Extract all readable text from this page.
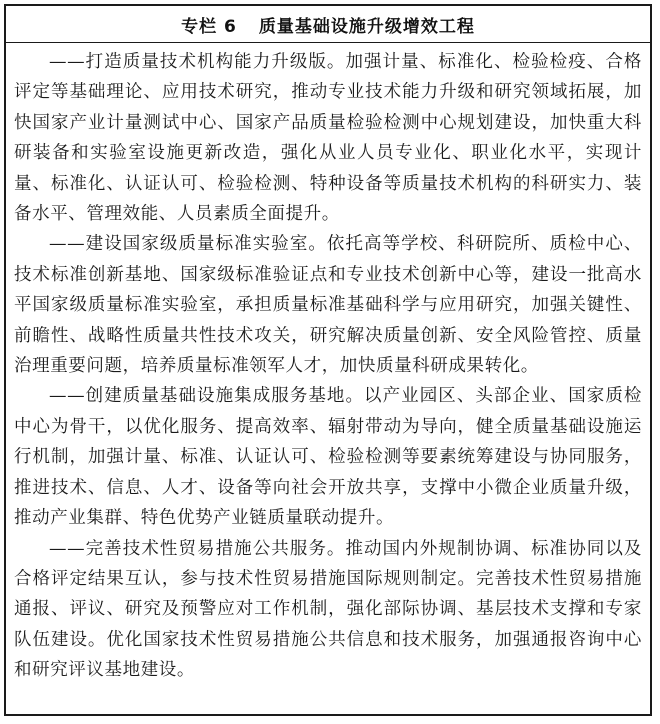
专栏 6 质量基础设施升级增效工程

——打造质量技术机构能力升级版。加强计量、标准化、检验检疫、合格评定等基础理论、应用技术研究，推动专业技术能力升级和研究领域拓展，加快国家产业计量测试中心、国家产品质量检验检测中心规划建设，加快重大科研装备和实验室设施更新改造，强化从业人员专业化、职业化水平，实现计量、标准化、认证认可、检验检测、特种设备等质量技术机构的科研实力、装备水平、管理效能、人员素质全面提升。

——建设国家级质量标准实验室。依托高等学校、科研院所、质检中心、技术标准创新基地、国家级标准验证点和专业技术创新中心等，建设一批高水平国家级质量标准实验室，承担质量标准基础科学与应用研究，加强关键性、前瞻性、战略性质量共性技术攻关，研究解决质量创新、安全风险管控、质量治理重要问题，培养质量标准领军人才，加快质量科研成果转化。

——创建质量基础设施集成服务基地。以产业园区、头部企业、国家质检中心为骨干，以优化服务、提高效率、辐射带动为导向，健全质量基础设施运行机制，加强计量、标准、认证认可、检验检测等要素统筹建设与协同服务，推进技术、信息、人才、设备等向社会开放共享，支撑中小微企业质量升级，推动产业集群、特色优势产业链质量联动提升。

——完善技术性贸易措施公共服务。推动国内外规制协调、标准协同以及合格评定结果互认，参与技术性贸易措施国际规则制定。完善技术性贸易措施通报、评议、研究及预警应对工作机制，强化部际协调、基层技术支撑和专家队伍建设。优化国家技术性贸易措施公共信息和技术服务，加强通报咨询中心和研究评议基地建设。
